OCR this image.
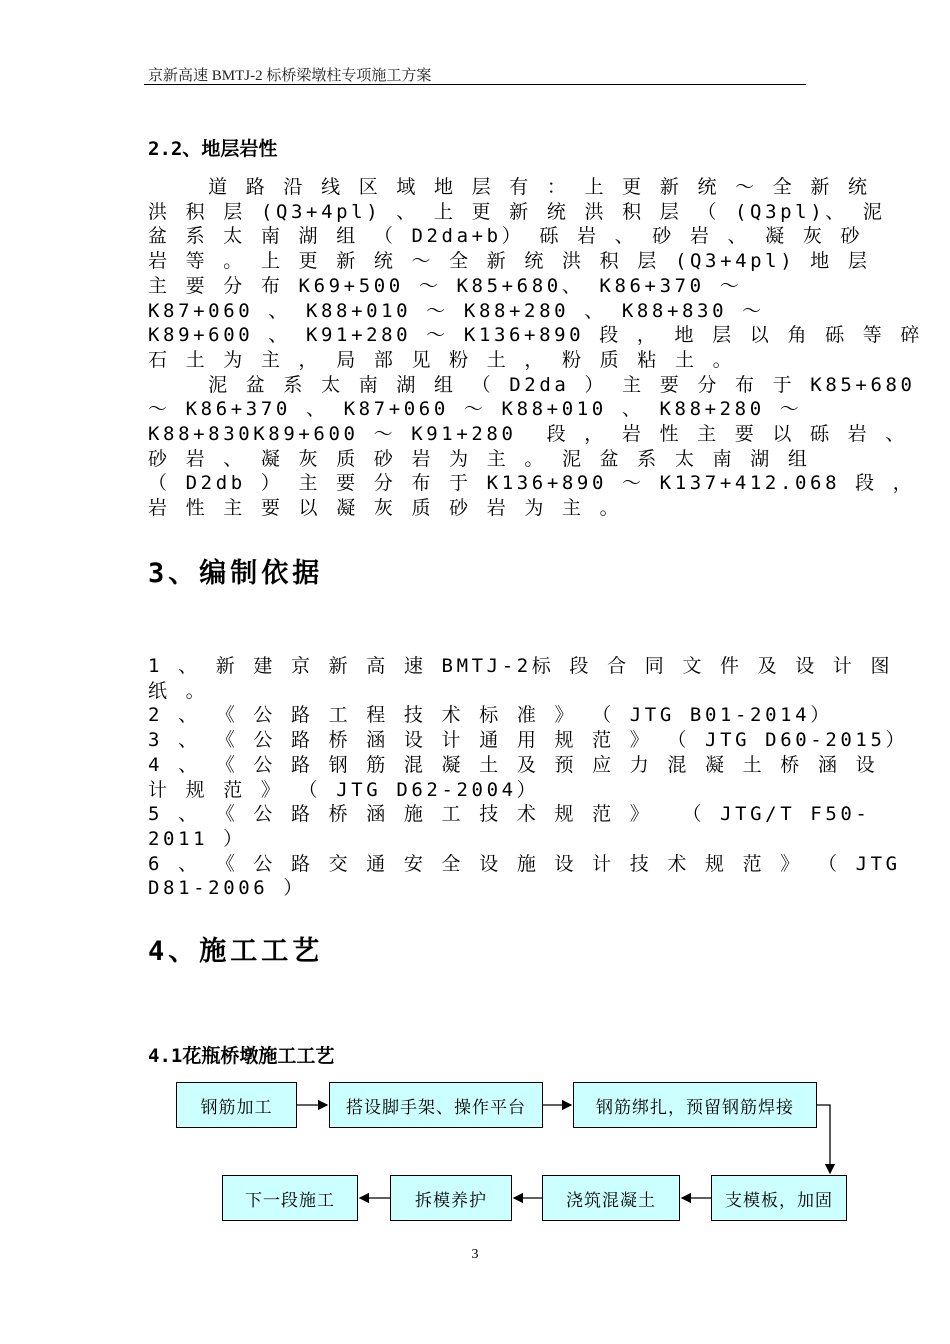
京新高速 BMTJ-2 标桥梁墩柱专项施工方案
2.2、地层岩性
道 路 沿 线 区 域 地 层 有 ： 上 更 新 统 ～ 全 新 统
洪 积 层 (Q3+4pl) 、 上 更 新 统 洪 积 层 （ (Q3pl)、 泥
盆 系 太 南 湖 组 （ D2da+b） 砾 岩 、 砂 岩 、 凝 灰 砂
岩 等 。 上 更 新 统 ～ 全 新 统 洪 积 层 (Q3+4pl) 地 层
主 要 分 布 K69+500 ～ K85+680、 K86+370 ～
K87+060 、 K88+010 ～ K88+280 、 K88+830 ～
K89+600 、 K91+280 ～ K136+890 段 ， 地 层 以 角 砾 等 碎
石 土 为 主 ， 局 部 见 粉 土 ， 粉 质 粘 土 。
泥 盆 系 太 南 湖 组 （ D2da ） 主 要 分 布 于 K85+680
～ K86+370 、 K87+060 ～ K88+010 、 K88+280 ～
K88+830K89+600 ～ K91+280  段 ， 岩 性 主 要 以 砾 岩 、
砂 岩 、 凝 灰 质 砂 岩 为 主 。 泥 盆 系 太 南 湖 组
（ D2db ） 主 要 分 布 于 K136+890 ～ K137+412.068 段 ，
岩 性 主 要 以 凝 灰 质 砂 岩 为 主 。
3、编制依据
1 、 新 建 京 新 高 速 BMTJ-2标 段 合 同 文 件 及 设 计 图
纸 。
2 、 《 公 路 工 程 技 术 标 准 》 （ JTG B01-2014）
3 、 《 公 路 桥 涵 设 计 通 用 规 范 》 （ JTG D60-2015）
4 、 《 公 路 钢 筋 混 凝 土 及 预 应 力 混 凝 土 桥 涵 设
计 规 范 》 （ JTG D62-2004）
5 、 《 公 路 桥 涵 施 工 技 术 规 范 》  （ JTG/T F50-
2011 ）
6 、 《 公 路 交 通 安 全 设 施 设 计 技 术 规 范 》 （ JTG
D81-2006 ）
4、施工工艺
4.1花瓶桥墩施工工艺
钢筋加工	搭设脚手架、操作平台	钢筋绑扎，预留钢筋焊接
支模板，加固
浇筑混凝土
拆模养护
下一段施工
3
